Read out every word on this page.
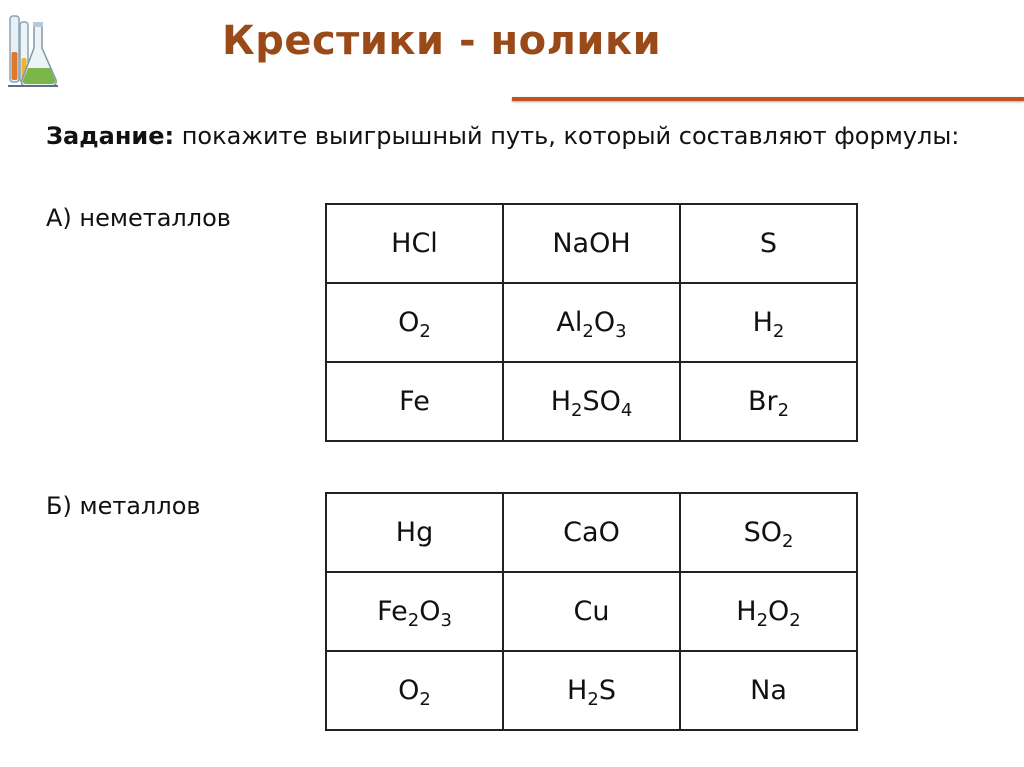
Крестики - нолики
Задание: покажите выигрышный путь, который составляют формулы:
А) неметаллов
Б) металлов
HCl	NaOH	S
$O_2$	$Al_2O_3$	$H_2$
Fe	$H_2SO_4$	$Br_2$
Hg	CaO	$SO_2$
$Fe_2O_3$	Cu	$H_2O_2$
$O_2$	$H_2S$	Na
